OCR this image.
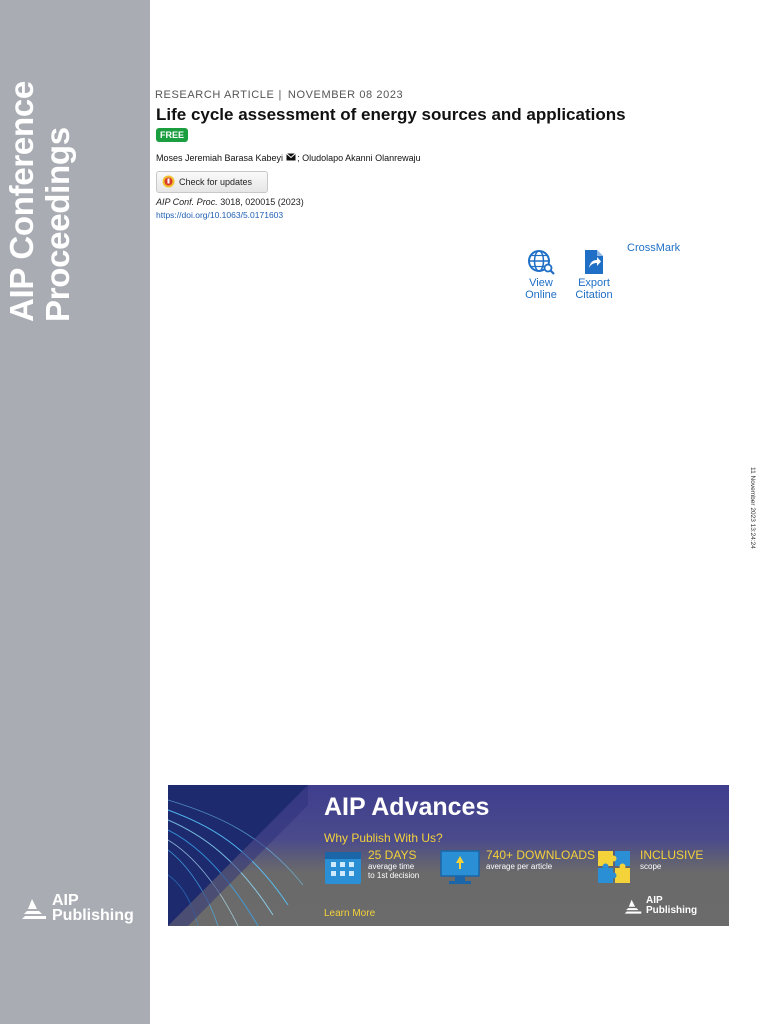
AIP Conference Proceedings
AIP
Publishing
RESEARCH ARTICLE | NOVEMBER 08 2023
Life cycle assessment of energy sources and applications
FREE
Moses Jeremiah Barasa Kabeyi ;
Oludolapo Akanni Olanrewaju
Check for updates
AIP Conf. Proc. 3018, 020015 (2023)
https://doi.org/10.1063/5.0171603
View
Online
Export
Citation
CrossMark
11 November 2023 13:24:24
AIP Advances
Why Publish With Us?
25 DAYS
average time
to 1st decision
740+ DOWNLOADS
average per article
INCLUSIVE
scope
Learn More
AIP
Publishing
